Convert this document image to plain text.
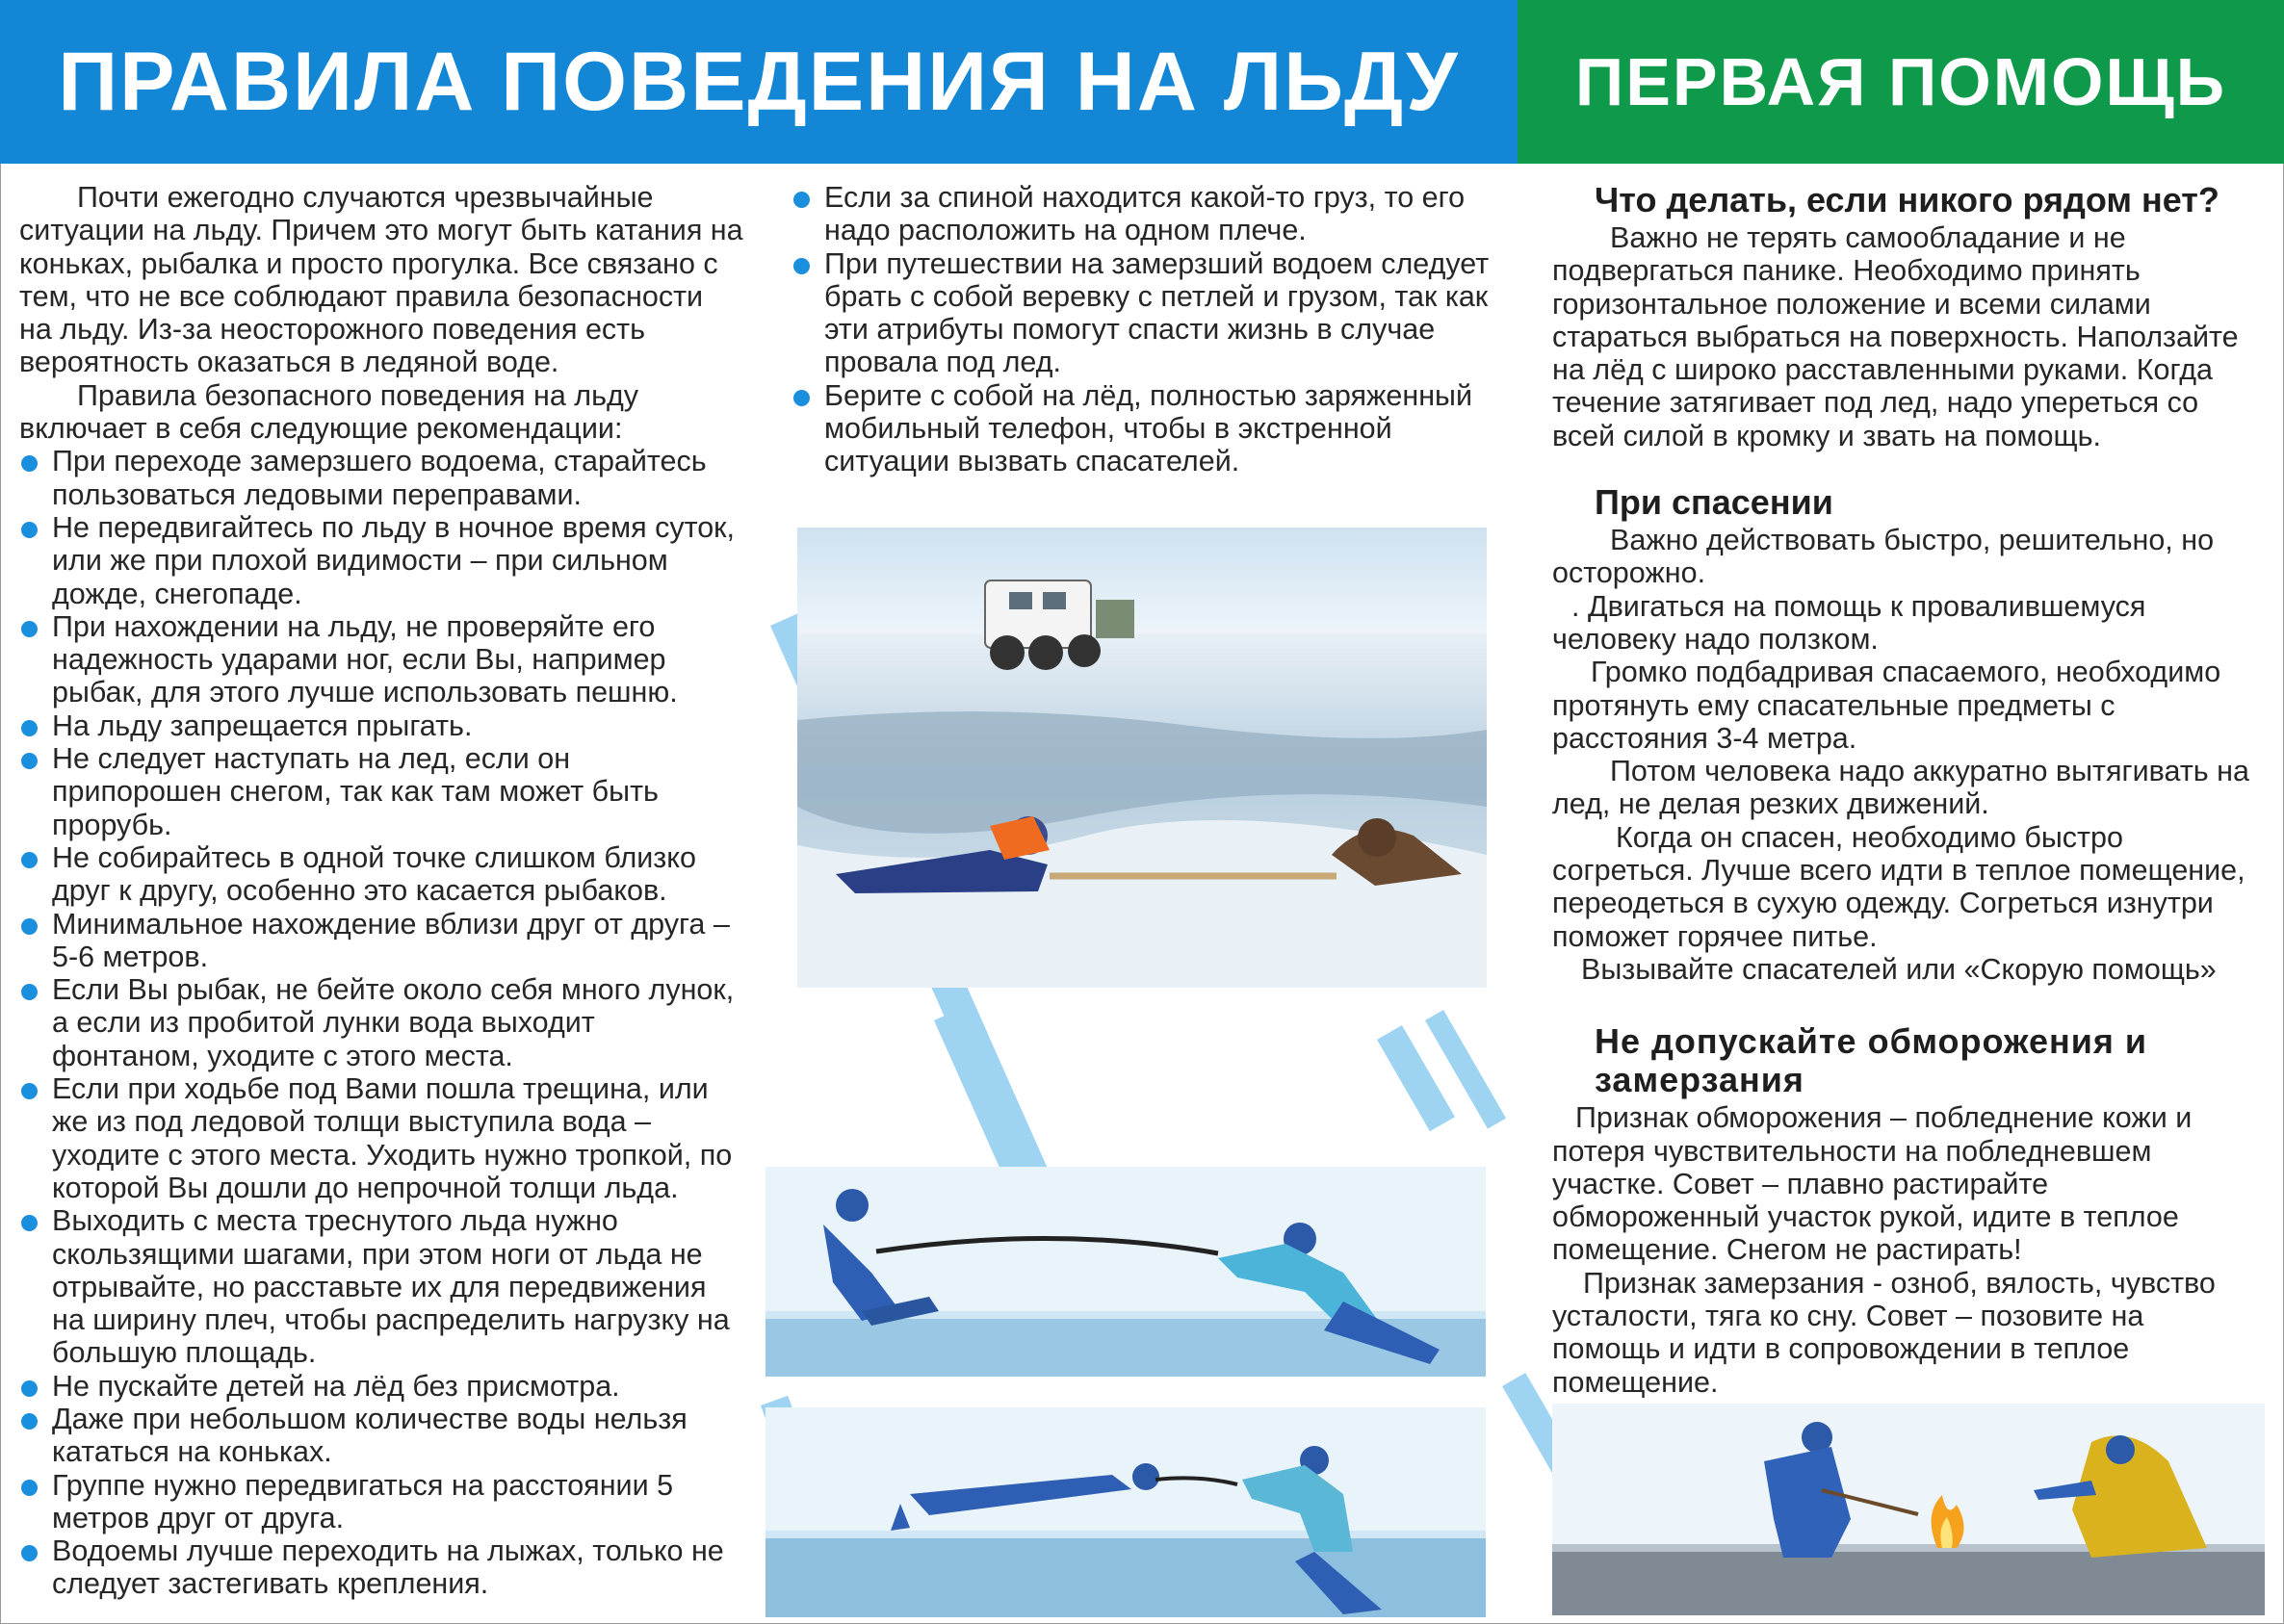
ПРАВИЛА ПОВЕДЕНИЯ НА ЛЬДУ ПЕРВАЯ ПОМОЩЬ

Почти ежегодно случаются чрезвычайные ситуации на льду. Причем это могут быть катания на коньках, рыбалка и просто прогулка. Все связано с тем, что не все соблюдают правила безопасности на льду. Из-за неосторожного поведения есть вероятность оказаться в ледяной воде.

Правила безопасного поведения на льду включает в себя следующие рекомендации:

При переходе замерзшего водоема, старайтесь пользоваться ледовыми переправами.

Не передвигайтесь по льду в ночное время суток, или же при плохой видимости – при сильном дожде, снегопаде.

При нахождении на льду, не проверяйте его надежность ударами ног, если Вы, например рыбак, для этого лучше использовать пешню.

На льду запрещается прыгать.

Не следует наступать на лед, если он припорошен снегом, так как там может быть прорубь.

Не собирайтесь в одной точке слишком близко друг к другу, особенно это касается рыбаков.

Минимальное нахождение вблизи друг от друга – 5-6 метров.

Если Вы рыбак, не бейте около себя много лунок, а если из пробитой лунки вода выходит фонтаном, уходите с этого места.

Если при ходьбе под Вами пошла трещина, или же из под ледовой толщи выступила вода – уходите с этого места. Уходить нужно тропкой, по которой Вы дошли до непрочной толщи льда.

Выходить с места треснутого льда нужно скользящими шагами, при этом ноги от льда не отрывайте, но расставьте их для передвижения на ширину плеч, чтобы распределить нагрузку на большую площадь.

Не пускайте детей на лёд без присмотра.

Даже при небольшом количестве воды нельзя кататься на коньках.

Группе нужно передвигаться на расстоянии 5 метров друг от друга.

Водоемы лучше переходить на лыжах, только не следует застегивать крепления.

Если за спиной находится какой-то груз, то его надо расположить на одном плече.

При путешествии на замерзший водоем следует брать с собой веревку с петлей и грузом, так как эти атрибуты помогут спасти жизнь в случае провала под лед.

Берите с собой на лёд, полностью заряженный мобильный телефон, чтобы в экстренной ситуации вызвать спасателей.

Что делать, если никого рядом нет?

Важно не терять самообладание и не подвергаться панике. Необходимо принять горизонтальное положение и всеми силами стараться выбраться на поверхность. Наползайте на лёд с широко расставленными руками. Когда течение затягивает под лед, надо упереться со всей силой в кромку и звать на помощь.

При спасении

Важно действовать быстро, решительно, но осторожно.

. Двигаться на помощь к провалившемуся человеку надо ползком.

Громко подбадривая спасаемого, необходимо протянуть ему спасательные предметы с расстояния 3-4 метра.

Потом человека надо аккуратно вытягивать на лед, не делая резких движений.

Когда он спасен, необходимо быстро согреться. Лучше всего идти в теплое помещение, переодеться в сухую одежду. Согреться изнутри поможет горячее питье.

Вызывайте спасателей или «Скорую помощь»

Не допускайте обморожения и замерзания

Признак обморожения – побледнение кожи и потеря чувствительности на побледневшем участке. Совет – плавно растирайте обмороженный участок рукой, идите в теплое помещение. Снегом не растирать!

Признак замерзания - озноб, вялость, чувство усталости, тяга ко сну. Совет – позовите на помощь и идти в сопровождении в теплое помещение.
